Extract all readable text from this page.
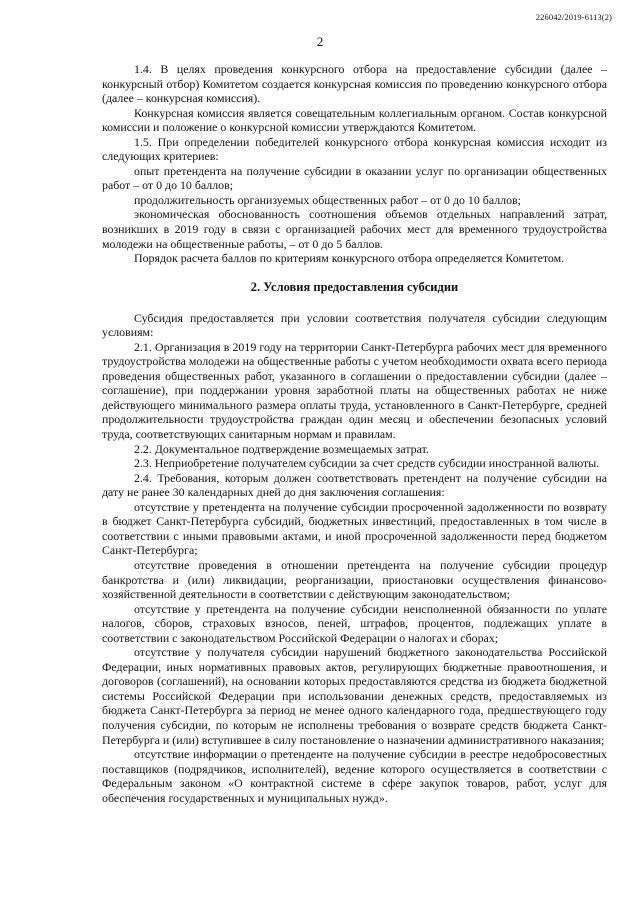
226042/2019-6113(2)
2

1.4. В целях проведения конкурсного отбора на предоставление субсидии (далее – конкурсный отбор) Комитетом создается конкурсная комиссия по проведению конкурсного отбора (далее – конкурсная комиссия).

Конкурсная комиссия является совещательным коллегиальным органом. Состав конкурсной комиссии и положение о конкурсной комиссии утверждаются Комитетом.

1.5. При определении победителей конкурсного отбора конкурсная комиссия исходит из следующих критериев:

опыт претендента на получение субсидии в оказании услуг по организации общественных работ – от 0 до 10 баллов;

продолжительность организуемых общественных работ – от 0 до 10 баллов;

экономическая обоснованность соотношения объемов отдельных направлений затрат, возникших в 2019 году в связи с организацией рабочих мест для временного трудоустройства молодежи на общественные работы, – от 0 до 5 баллов.

Порядок расчета баллов по критериям конкурсного отбора определяется Комитетом.

2. Условия предоставления субсидии

Субсидия предоставляется при условии соответствия получателя субсидии следующим условиям:

2.1. Организация в 2019 году на территории Санкт-Петербурга рабочих мест для временного трудоустройства молодежи на общественные работы с учетом необходимости охвата всего периода проведения общественных работ, указанного в соглашении о предоставлении субсидии (далее – соглашение), при поддержании уровня заработной платы на общественных работах не ниже действующего минимального размера оплаты труда, установленного в Санкт-Петербурге, средней продолжительности трудоустройства граждан один месяц и обеспечении безопасных условий труда, соответствующих санитарным нормам и правилам.

2.2. Документальное подтверждение возмещаемых затрат.

2.3. Неприобретение получателем субсидии за счет средств субсидии иностранной валюты.

2.4. Требования, которым должен соответствовать претендент на получение субсидии на дату не ранее 30 календарных дней до дня заключения соглашения:

отсутствие у претендента на получение субсидии просроченной задолженности по возврату в бюджет Санкт-Петербурга субсидий, бюджетных инвестиций, предоставленных в том числе в соответствии с иными правовыми актами, и иной просроченной задолженности перед бюджетом Санкт-Петербурга;

отсутствие проведения в отношении претендента на получение субсидии процедур банкротства и (или) ликвидации, реорганизации, приостановки осуществления финансово-хозяйственной деятельности в соответствии с действующим законодательством;

отсутствие у претендента на получение субсидии неисполненной обязанности по уплате налогов, сборов, страховых взносов, пеней, штрафов, процентов, подлежащих уплате в соответствии с законодательством Российской Федерации о налогах и сборах;

отсутствие у получателя субсидии нарушений бюджетного законодательства Российской Федерации, иных нормативных правовых актов, регулирующих бюджетные правоотношения, и договоров (соглашений), на основании которых предоставляются средства из бюджета бюджетной системы Российской Федерации при использовании денежных средств, предоставляемых из бюджета Санкт-Петербурга за период не менее одного календарного года, предшествующего году получения субсидии, по которым не исполнены требования о возврате средств бюджета Санкт-Петербурга и (или) вступившее в силу постановление о назначении административного наказания;

отсутствие информации о претенденте на получение субсидии в реестре недобросовестных поставщиков (подрядчиков, исполнителей), ведение которого осуществляется в соответствии с Федеральным законом «О контрактной системе в сфере закупок товаров, работ, услуг для обеспечения государственных и муниципальных нужд».
